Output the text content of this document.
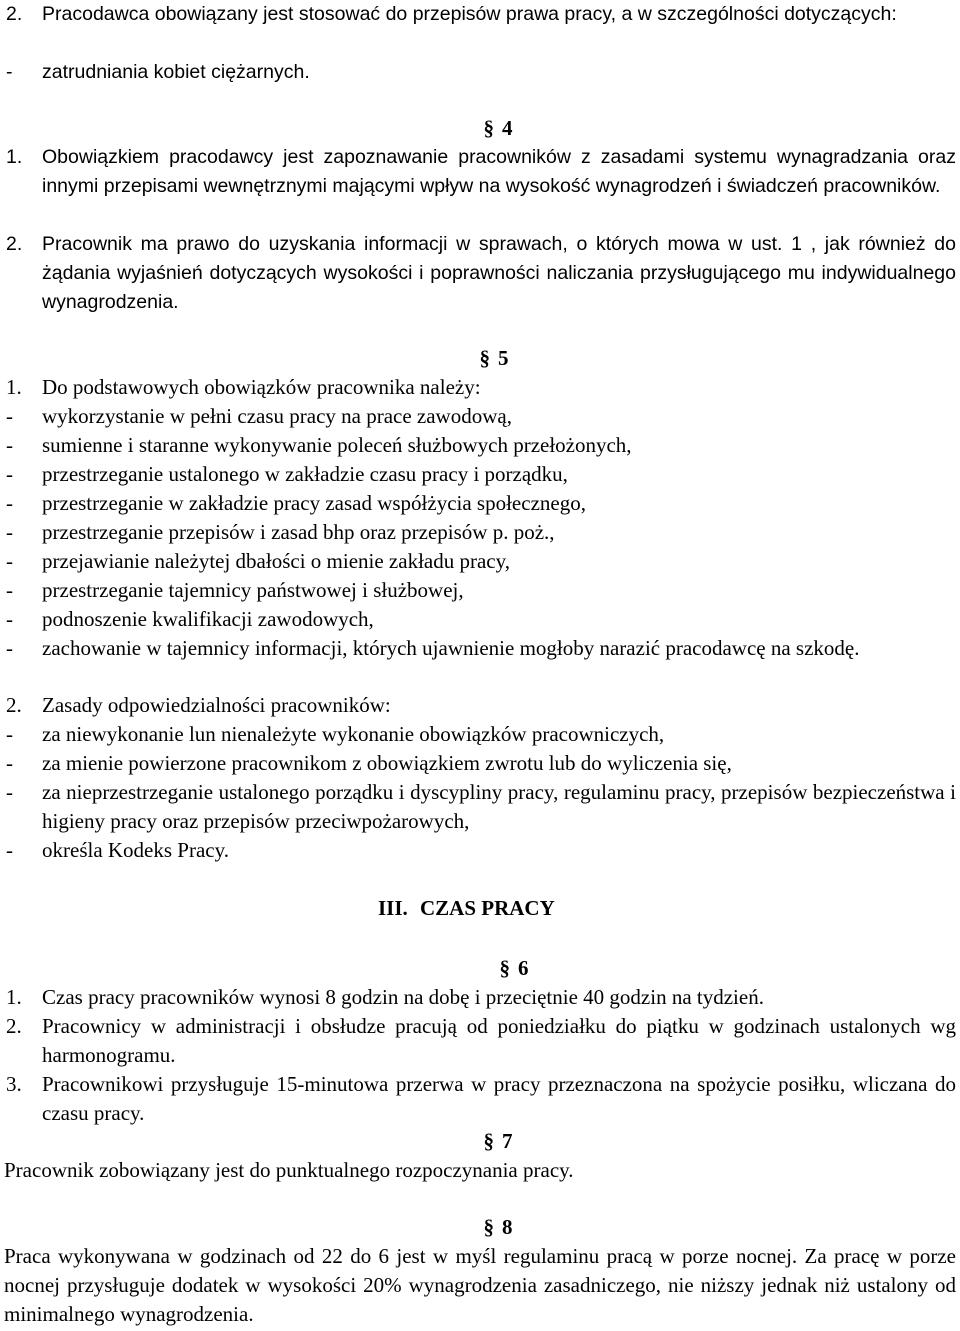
2.	Pracodawca obowiązany jest stosować do przepisów prawa pracy, a w szczególności dotyczących:
-	zatrudniania kobiet ciężarnych.
§ 4
1.	Obowiązkiem pracodawcy jest zapoznawanie pracowników z zasadami systemu wynagradzania oraz innymi przepisami wewnętrznymi mającymi wpływ na wysokość wynagrodzeń i świadczeń pracowników.
2.	Pracownik ma prawo do uzyskania informacji w sprawach, o których mowa w ust. 1 , jak również do żądania wyjaśnień dotyczących wysokości i poprawności naliczania przysługującego mu indywidualnego wynagrodzenia.
§ 5
1. Do podstawowych obowiązków pracownika należy:
-	wykorzystanie w pełni czasu pracy na prace zawodową,
-	sumienne i staranne wykonywanie poleceń służbowych przełożonych,
-	przestrzeganie ustalonego w zakładzie czasu pracy i porządku,
-	przestrzeganie w zakładzie pracy zasad współżycia społecznego,
-	przestrzeganie przepisów i zasad bhp oraz przepisów p. poż.,
-	przejawianie należytej dbałości o mienie zakładu pracy,
-	przestrzeganie tajemnicy państwowej i służbowej,
-	podnoszenie kwalifikacji zawodowych,
-	zachowanie w tajemnicy informacji, których ujawnienie mogłoby narazić pracodawcę na szkodę.
2. Zasady odpowiedzialności pracowników:
-	za niewykonanie lun nienależyte wykonanie obowiązków pracowniczych,
-	za mienie powierzone pracownikom z obowiązkiem zwrotu lub do wyliczenia się,
-	za nieprzestrzeganie ustalonego porządku i dyscypliny pracy, regulaminu pracy, przepisów bezpieczeństwa i higieny pracy oraz przepisów przeciwpożarowych,
-	określa Kodeks Pracy.
III. CZAS PRACY
§ 6
1. Czas pracy pracowników wynosi 8 godzin na dobę i przeciętnie 40 godzin na tydzień.
2. Pracownicy w administracji i obsłudze pracują od poniedziałku do piątku w godzinach ustalonych wg harmonogramu.
3. Pracownikowi przysługuje 15-minutowa przerwa w pracy przeznaczona na spożycie posiłku, wliczana do czasu pracy.
§ 7
Pracownik zobowiązany jest do punktualnego rozpoczynania pracy.
§ 8
Praca wykonywana w godzinach od 22 do 6 jest w myśl regulaminu pracą w porze nocnej. Za pracę w porze nocnej przysługuje dodatek w wysokości 20% wynagrodzenia zasadniczego, nie niższy jednak niż ustalony od minimalnego wynagrodzenia.
